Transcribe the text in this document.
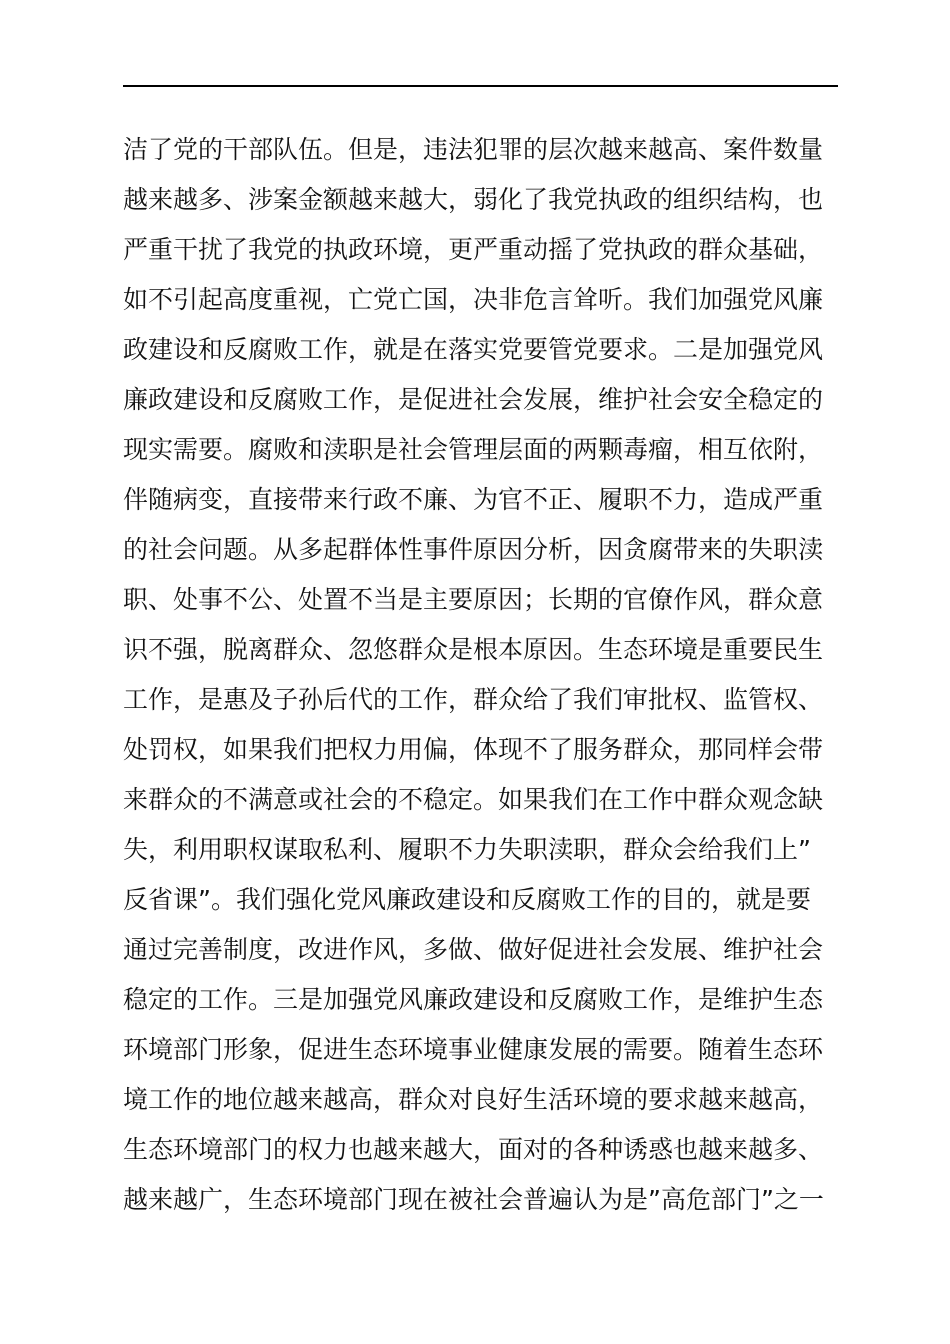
洁了党的干部队伍。但是，违法犯罪的层次越来越高、案件数量
越来越多、涉案金额越来越大，弱化了我党执政的组织结构，也
严重干扰了我党的执政环境，更严重动摇了党执政的群众基础，
如不引起高度重视，亡党亡国，决非危言耸听。我们加强党风廉
政建设和反腐败工作，就是在落实党要管党要求。二是加强党风
廉政建设和反腐败工作，是促进社会发展，维护社会安全稳定的
现实需要。腐败和渎职是社会管理层面的两颗毒瘤，相互依附，
伴随病变，直接带来行政不廉、为官不正、履职不力，造成严重
的社会问题。从多起群体性事件原因分析，因贪腐带来的失职渎
职、处事不公、处置不当是主要原因；长期的官僚作风，群众意
识不强，脱离群众、忽悠群众是根本原因。生态环境是重要民生
工作，是惠及子孙后代的工作，群众给了我们审批权、监管权、
处罚权，如果我们把权力用偏，体现不了服务群众，那同样会带
来群众的不满意或社会的不稳定。如果我们在工作中群众观念缺
失，利用职权谋取私利、履职不力失职渎职，群众会给我们上”
反省课”。我们强化党风廉政建设和反腐败工作的目的，就是要
通过完善制度，改进作风，多做、做好促进社会发展、维护社会
稳定的工作。三是加强党风廉政建设和反腐败工作，是维护生态
环境部门形象，促进生态环境事业健康发展的需要。随着生态环
境工作的地位越来越高，群众对良好生活环境的要求越来越高，
生态环境部门的权力也越来越大，面对的各种诱惑也越来越多、
越来越广，生态环境部门现在被社会普遍认为是”高危部门”之一
